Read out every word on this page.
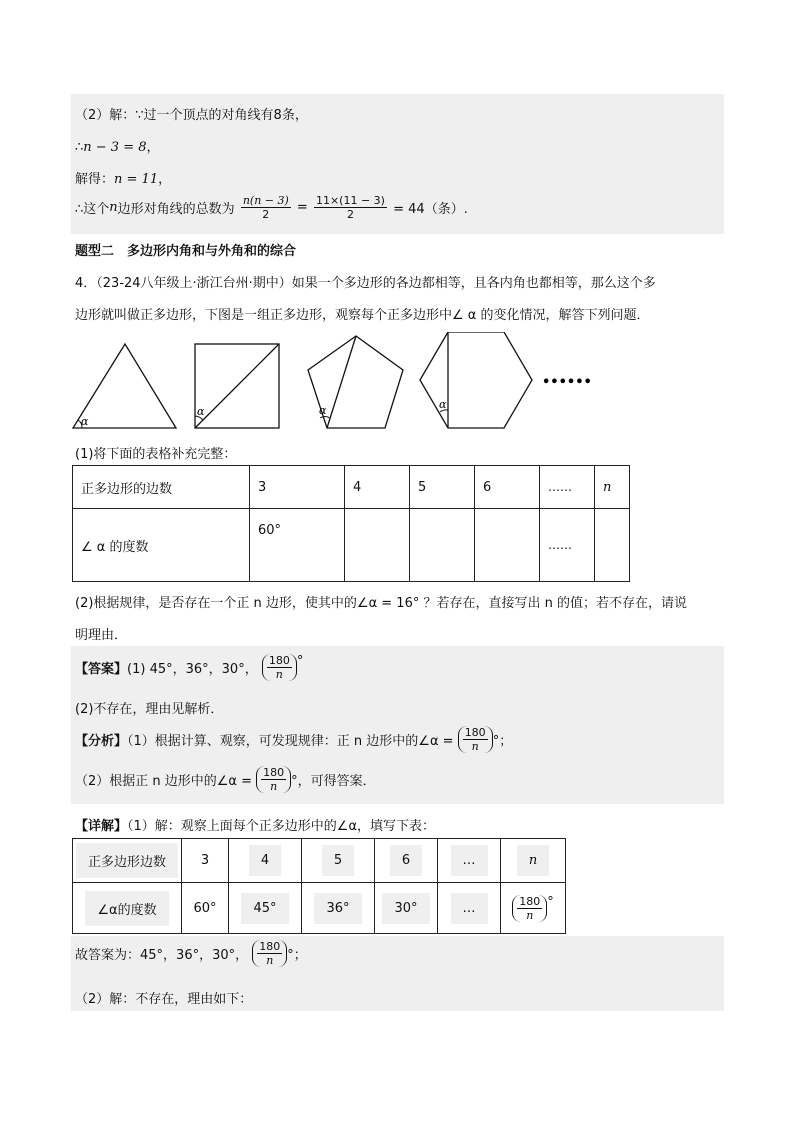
（2）解：∵过一个顶点的对角线有8条，
∴n − 3 = 8，
解得：n = 11，
∴这个n边形对角线的总数为 $\frac{n(n - 3)}{2} = \frac{11\times(11 - 3)}{2} = 44$（条）.
题型二　多边形内角和与外角和的综合
4．（23-24八年级上·浙江台州·期中）如果一个多边形的各边都相等，且各内角也都相等，那么这个多
边形就叫做正多边形，下图是一组正多边形，观察每个正多边形中∠ α 的变化情况，解答下列问题．
α
α	α	α
••••••
(1)将下面的表格补充完整：
正多边形的边数	3	4	5	6	……	n
∠ α 的度数	60°				……	
(2)根据规律，是否存在一个正 n 边形，使其中的∠α = 16° ？若存在，直接写出 n 的值；若不存在，请说
明理由．
【答案】(1) 45°，36°，30°， $\frac{180}{n}$ °
(2)不存在，理由见解析．
【分析】（1）根据计算、观察，可发现规律：正 n 边形中的∠α = $\frac{180}{n}$ °；
（2）根据正 n 边形中的∠α = $\frac{180}{n}$ °，可得答案．
【详解】（1）解：观察上面每个正多边形中的∠α，填写下表：
正多边形边数	3	4	5	6	…	n
∠α的度数	60°	45°	36°	30°	…	$\frac{180}{n}$ °
故答案为：45°，36°，30°， $\frac{180}{n}$ °；
（2）解：不存在，理由如下：
